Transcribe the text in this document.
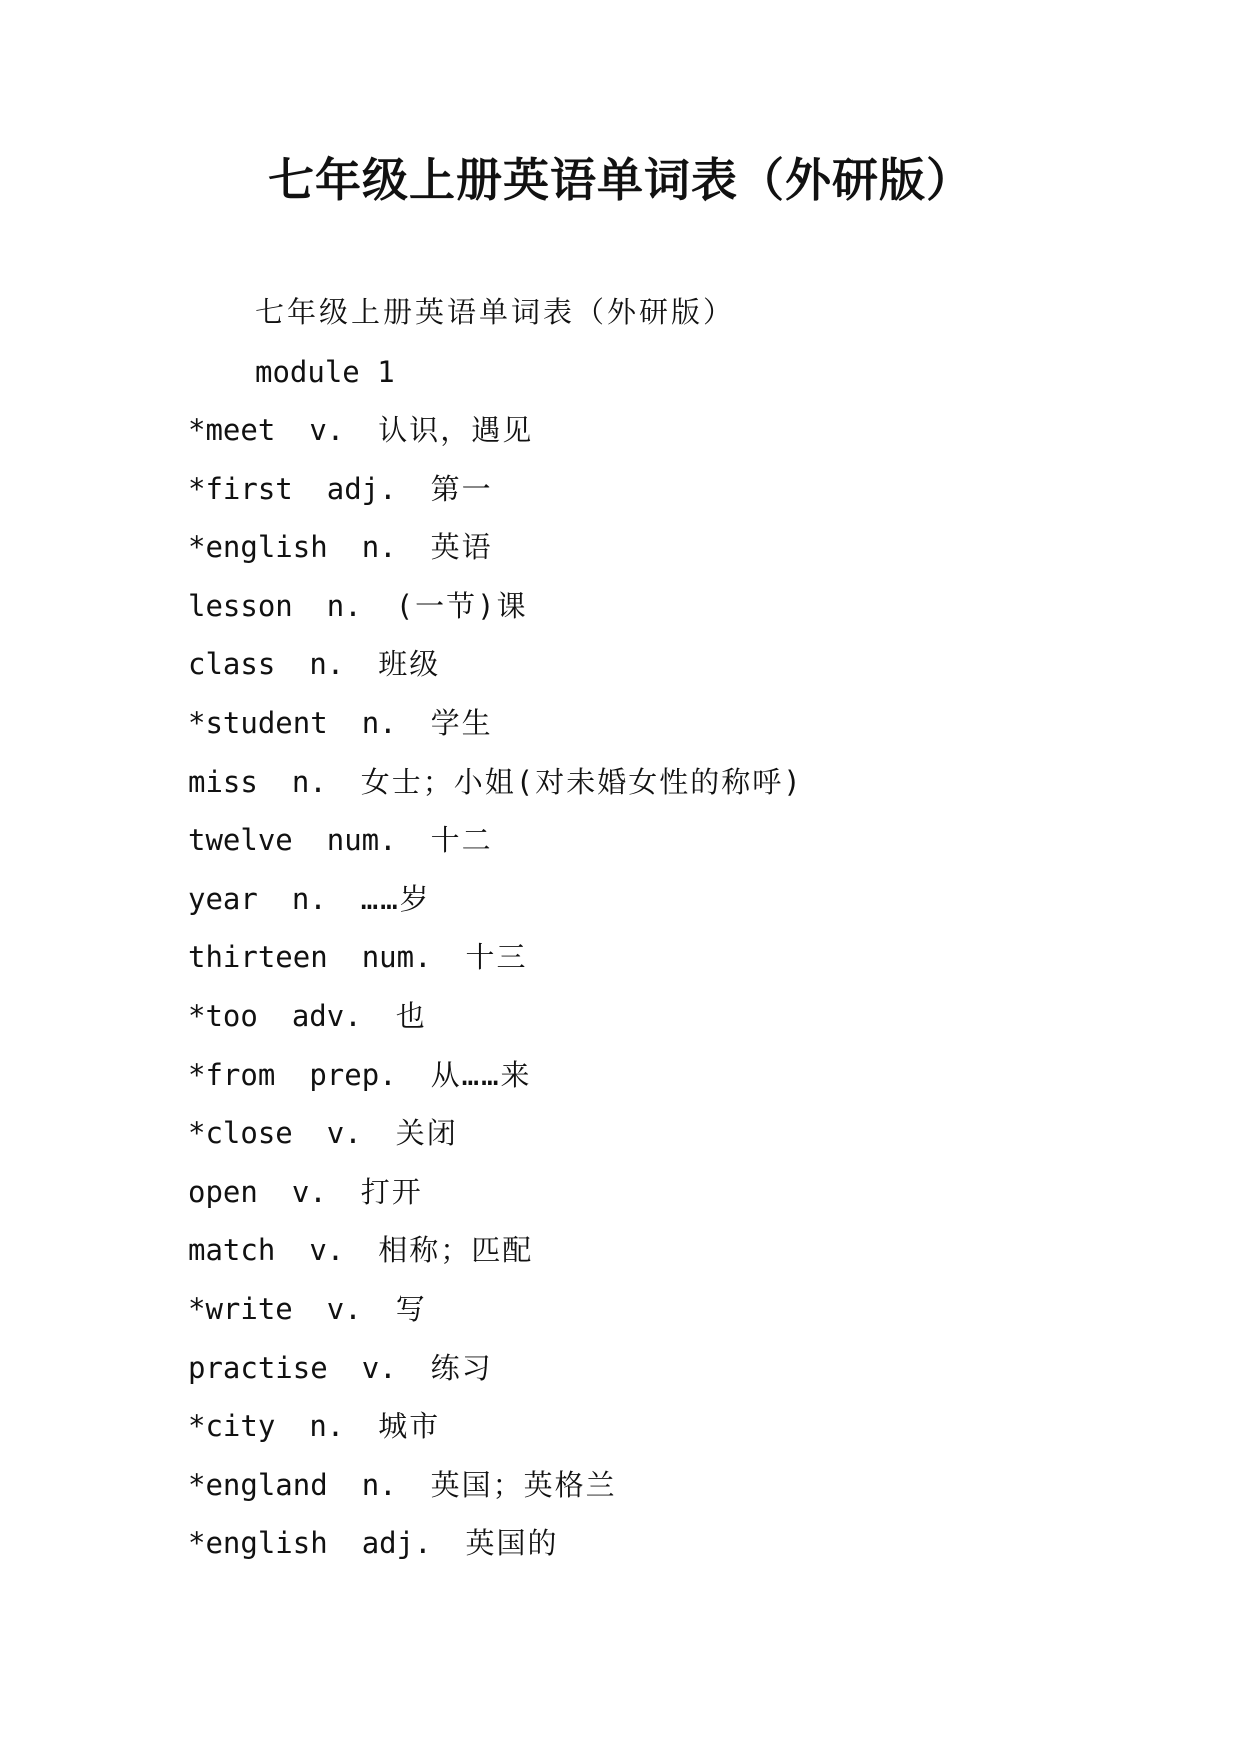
七年级上册英语单词表（外研版）

七年级上册英语单词表（外研版）

module 1

*meet v. 认识，遇见
*first adj. 第一
*english n. 英语
lesson n. (一节)课
class n. 班级
*student n. 学生
miss n. 女士；小姐(对未婚女性的称呼)
twelve num. 十二
year n. ……岁
thirteen num. 十三
*too adv. 也
*from prep. 从……来
*close v. 关闭
open v. 打开
match v. 相称；匹配
*write v. 写
practise v. 练习
*city n. 城市
*england n. 英国；英格兰
*english adj. 英国的
